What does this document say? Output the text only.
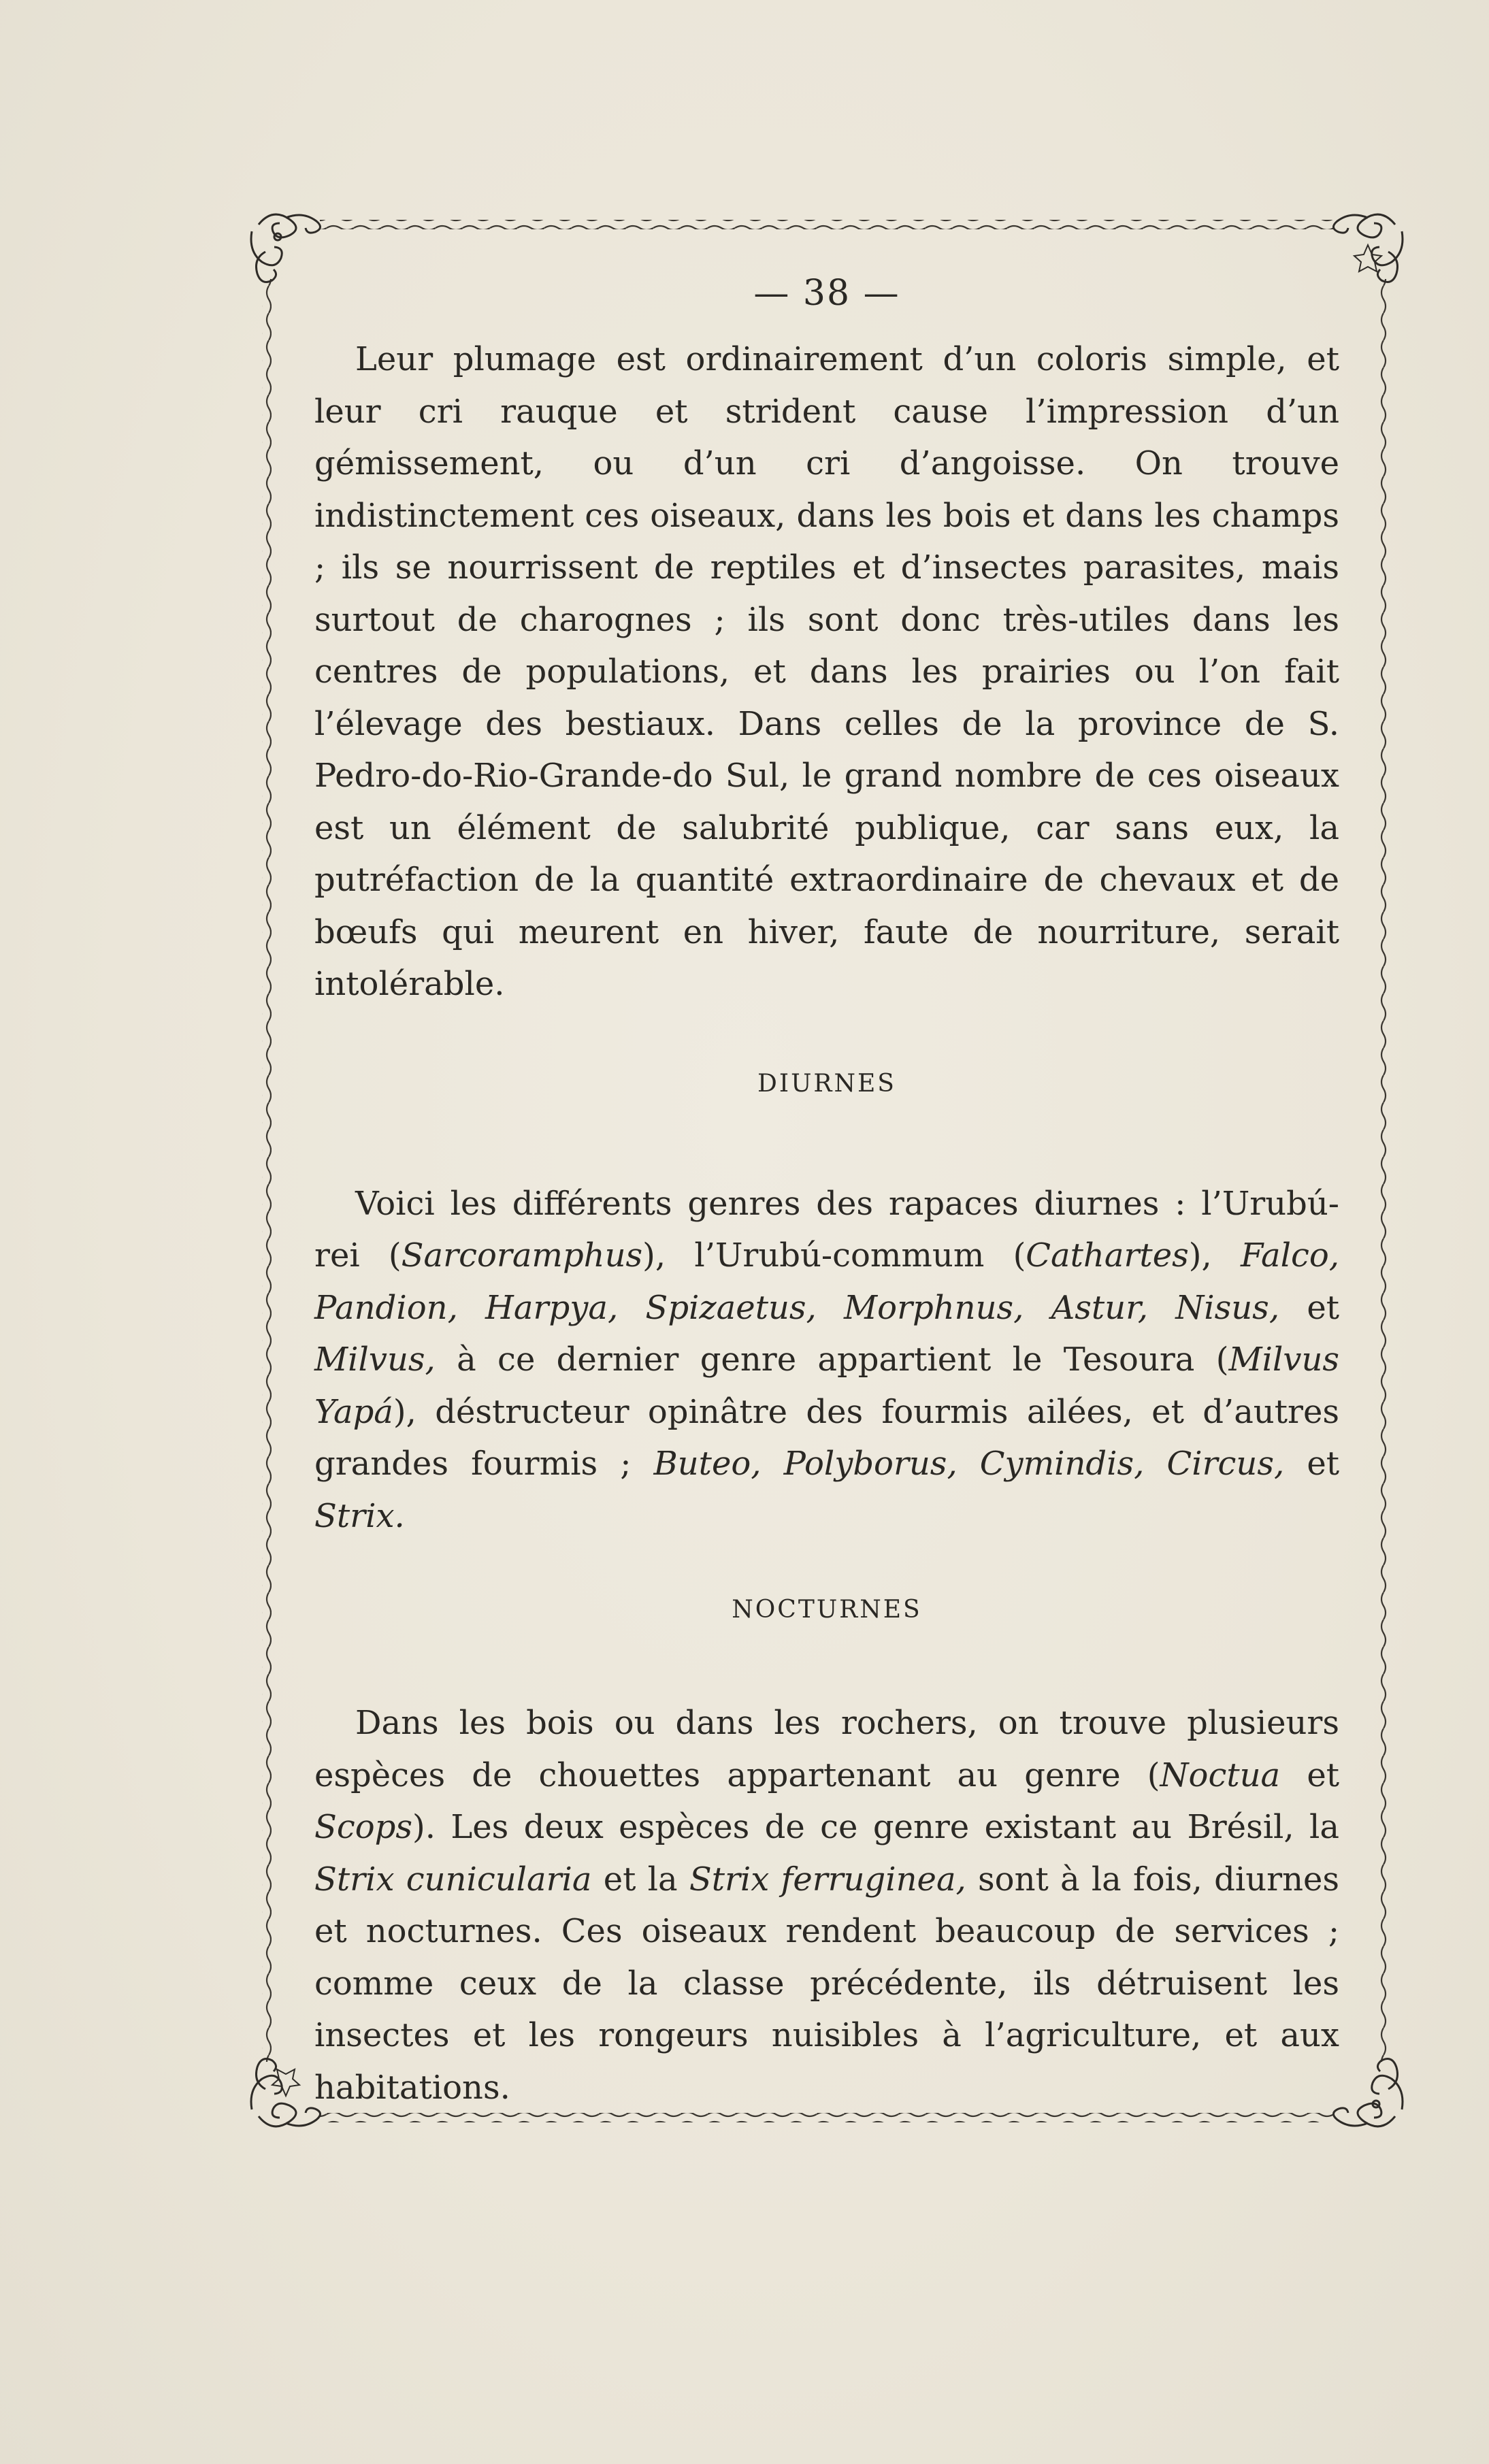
— 38 —

Leur plumage est ordinairement d’un coloris simple, et leur cri rauque et strident cause l’impression d’un gémissement, ou d’un cri d’angoisse. On trouve indistinctement ces oiseaux, dans les bois et dans les champs ; ils se nourrissent de reptiles et d’insectes parasites, mais surtout de charognes ; ils sont donc très-utiles dans les centres de populations, et dans les prairies ou l’on fait l’élevage des bestiaux. Dans celles de la province de S. Pedro-do-Rio-Grande-do Sul, le grand nombre de ces oiseaux est un élément de salubrité publique, car sans eux, la putréfaction de la quantité extraordinaire de chevaux et de bœufs qui meurent en hiver, faute de nourriture, serait intolérable.

DIURNES

Voici les différents genres des rapaces diurnes : l’Urubú-rei (Sarcoramphus), l’Urubú-commum (Cathartes), Falco, Pandion, Harpya, Spizaetus, Morphnus, Astur, Nisus, et Milvus, à ce dernier genre appartient le Tesoura (Milvus Yapá), déstructeur opinâtre des fourmis ailées, et d’autres grandes fourmis ; Buteo, Polyborus, Cymindis, Circus, et Strix.

NOCTURNES

Dans les bois ou dans les rochers, on trouve plusieurs espèces de chouettes appartenant au genre (Noctua et Scops). Les deux espèces de ce genre existant au Brésil, la Strix cunicularia et la Strix ferruginea, sont à la fois, diurnes et nocturnes. Ces oiseaux rendent beaucoup de services ; comme ceux de la classe précédente, ils détruisent les insectes et les rongeurs nuisibles à l’agriculture, et aux habitations.
